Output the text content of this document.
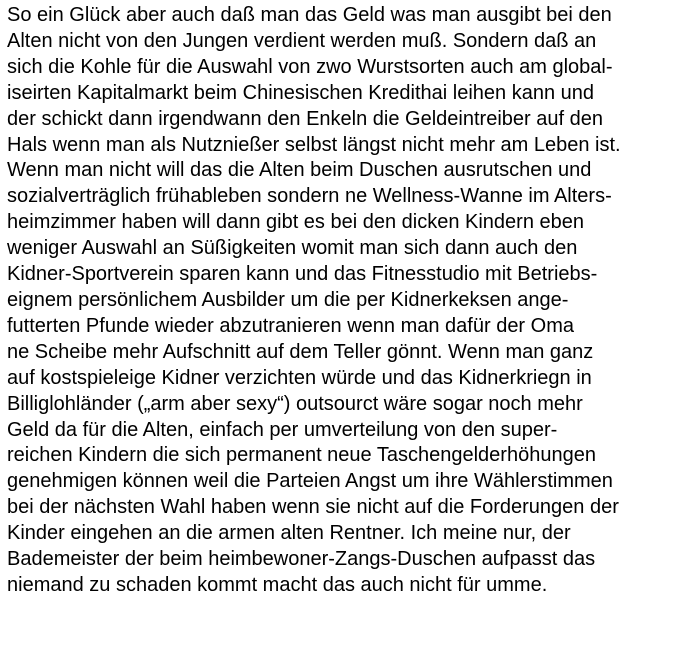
So ein Glück aber auch daß man das Geld was man ausgibt bei den
Alten nicht von den Jungen verdient werden muß. Sondern daß an
sich die Kohle für die Auswahl von zwo Wurstsorten auch am global-
iseirten Kapitalmarkt beim Chinesischen Kredithai leihen kann und
der schickt dann irgendwann den Enkeln die Geldeintreiber auf den
Hals wenn man als Nutznießer selbst längst nicht mehr am Leben ist.
Wenn man nicht will das die Alten beim Duschen ausrutschen und
sozialverträglich frühableben sondern ne Wellness-Wanne im Alters-
heimzimmer haben will dann gibt es bei den dicken Kindern eben
weniger Auswahl an Süßigkeiten womit man sich dann auch den
Kidner-Sportverein sparen kann und das Fitnesstudio mit Betriebs-
eignem persönlichem Ausbilder um die per Kidnerkeksen ange-
futterten Pfunde wieder abzutranieren wenn man dafür der Oma
ne Scheibe mehr Aufschnitt auf dem Teller gönnt. Wenn man ganz
auf kostspieleige Kidner verzichten würde und das Kidnerkriegn in
Billiglohländer („arm aber sexy“) outsourct wäre sogar noch mehr
Geld da für die Alten, einfach per umverteilung von den super-
reichen Kindern die sich permanent neue Taschengelderhöhungen
genehmigen können weil die Parteien Angst um ihre Wählerstimmen
bei der nächsten Wahl haben wenn sie nicht auf die Forderungen der
Kinder eingehen an die armen alten Rentner. Ich meine nur, der
Bademeister der beim heimbewoner-Zangs-Duschen aufpasst das
niemand zu schaden kommt macht das auch nicht für umme.
